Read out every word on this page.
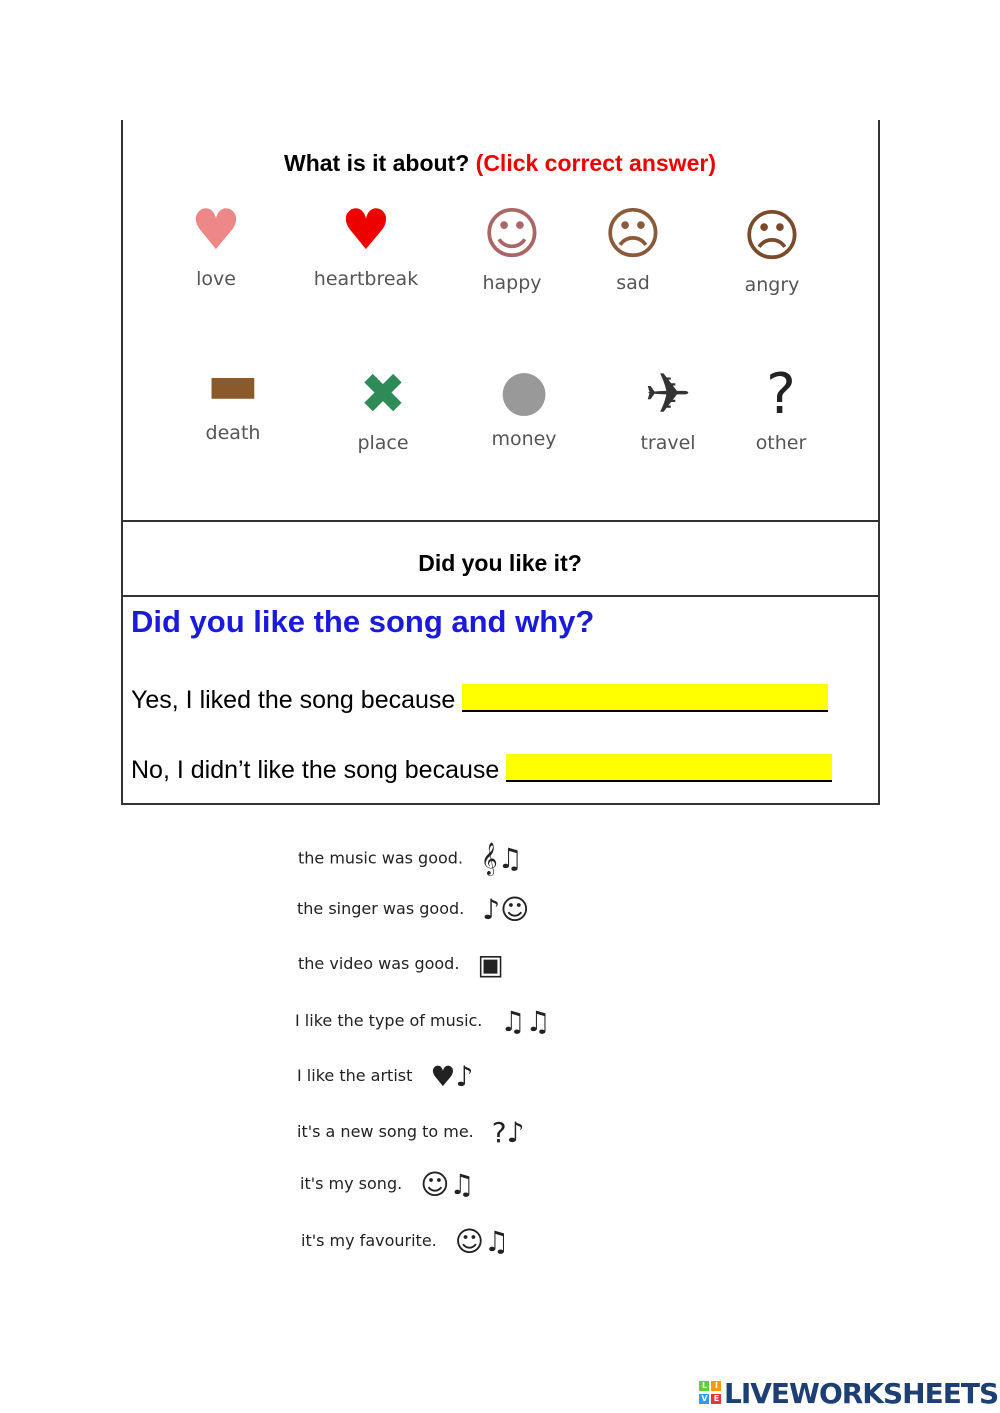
What is it about? (Click correct answer)
♥
love
♥
heartbreak
☺
happy
☹
sad
☹
angry
▬
death
✖
place
●
money
✈
travel
?
other
Did you like it?
Did you like the song and why?
Yes, I liked the song because
No, I didn’t like the song because
the music was good. 𝄞♫
the singer was good. ♪☺
the video was good. ▣
I like the type of music. ♫♫
I like the artist ♥♪
it's a new song to me. ?♪
it's my song. ☺♫
it's my favourite. ☺♫
L IV E LIVEWORKSHEETS
